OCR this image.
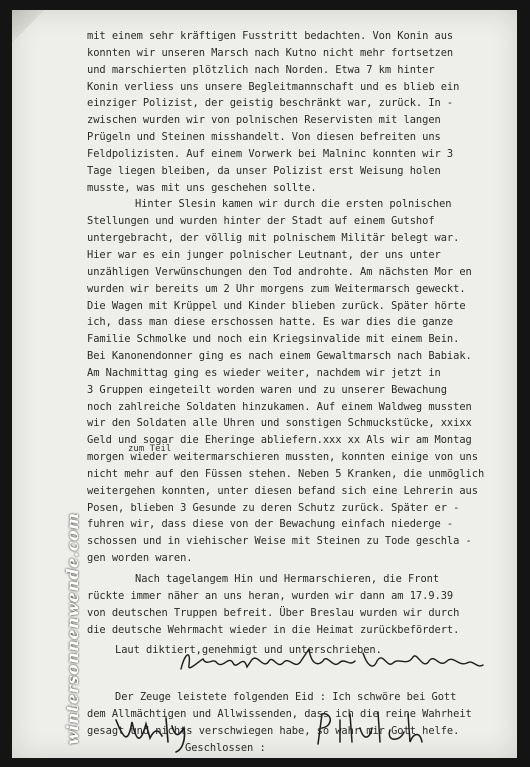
mit einem sehr kräftigen Fusstritt bedachten. Von Konin aus
konnten wir unseren Marsch nach Kutno nicht mehr fortsetzen
und marschierten plötzlich nach Norden. Etwa 7 km hinter
Konin verliess uns unsere Begleitmannschaft und es blieb ein
einziger Polizist, der geistig beschränkt war, zurück. In -
zwischen wurden wir von polnischen Reservisten mit langen
Prügeln und Steinen misshandelt. Von diesen befreiten uns
Feldpolizisten. Auf einem Vorwerk bei Malninc konnten wir 3
Tage liegen bleiben, da unser Polizist erst Weisung holen
musste, was mit uns geschehen sollte.
Hinter Slesin kamen wir durch die ersten polnischen
Stellungen und wurden hinter der Stadt auf einem Gutshof
untergebracht, der völlig mit polnischem Militär belegt war.
Hier war es ein junger polnischer Leutnant, der uns unter
unzähligen Verwünschungen den Tod androhte. Am nächsten Mor en
wurden wir bereits um 2 Uhr morgens zum Weitermarsch geweckt.
Die Wagen mit Krüppel und Kinder blieben zurück. Später hörte
ich, dass man diese erschossen hatte. Es war dies die ganze
Familie Schmolke und noch ein Kriegsinvalide mit einem Bein.
Bei Kanonendonner ging es nach einem Gewaltmarsch nach Babiak.
Am Nachmittag ging es wieder weiter, nachdem wir jetzt in
3 Gruppen eingeteilt worden waren und zu unserer Bewachung
noch zahlreiche Soldaten hinzukamen. Auf einem Waldweg mussten
wir den Soldaten alle Uhren und sonstigen Schmuckstücke, xxixx
Geld und sogar die Eheringe abliefern.xxx xx Als wir am Montag
morgen wieder weitermarschieren mussten, konnten einige von uns
nicht mehr auf den Füssen stehen. Neben 5 Kranken, die unmöglich
weitergehen konnten, unter diesen befand sich eine Lehrerin aus
Posen, blieben 3 Gesunde zu deren Schutz zurück. Später er -
fuhren wir, dass diese von der Bewachung einfach niederge -
schossen und in viehischer Weise mit Steinen zu Tode geschla -
gen worden waren.
Nach tagelangem Hin und Hermarschieren, die Front
rückte immer näher an uns heran, wurden wir dann am 17.9.39
von deutschen Truppen befreit. Über Breslau wurden wir durch
die deutsche Wehrmacht wieder in die Heimat zurückbefördert.
Laut diktiert,genehmigt und unterschrieben.
Der Zeuge leistete folgenden Eid : Ich schwöre bei Gott
dem Allmächtigen und Allwissenden, dass ich die reine Wahrheit
gesagt und nichts verschwiegen habe, so wahr mir Gott helfe.
Geschlossen :
zum Teil
wintersonnenwende.com
